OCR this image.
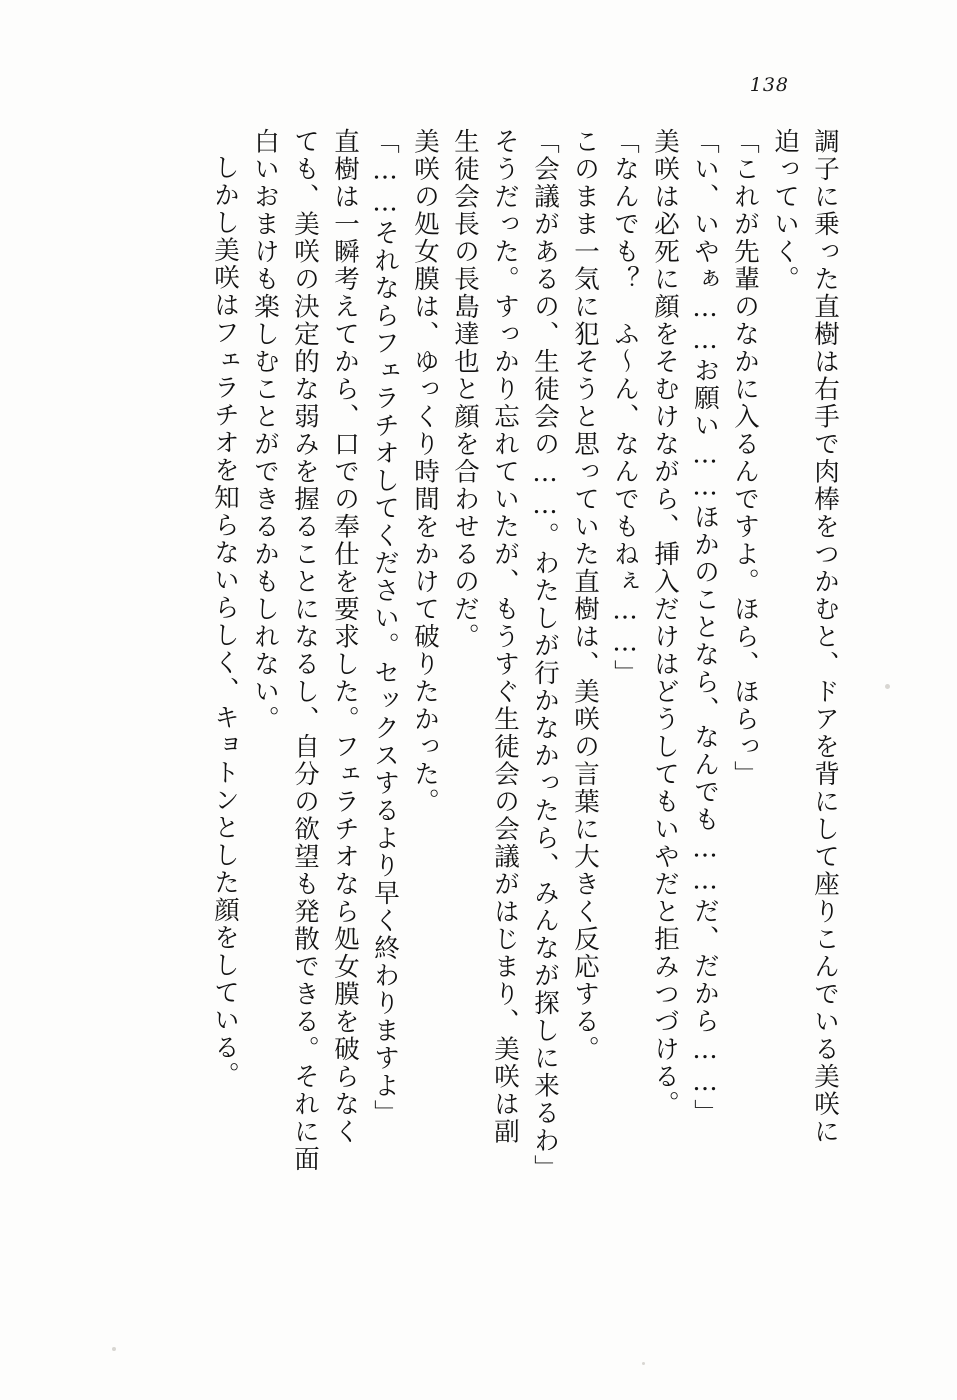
138
調子に乗った直樹は右手で肉棒をつかむと、ドアを背にして座りこんでいる美咲に
迫っていく。
「これが先輩のなかに入るんですよ。ほら、ほらっ」
「い、いやぁ……お願い……ほかのことなら、なんでも……だ、だから……」
美咲は必死に顔をそむけながら、挿入だけはどうしてもいやだと拒みつづける。
「なんでも？　ふ〜ん、なんでもねぇ……」
このまま一気に犯そうと思っていた直樹は、美咲の言葉に大きく反応する。
「会議があるの、生徒会の……。わたしが行かなかったら、みんなが探しに来るわ」
そうだった。すっかり忘れていたが、もうすぐ生徒会の会議がはじまり、美咲は副
生徒会長の長島達也と顔を合わせるのだ。
美咲の処女膜は、ゆっくり時間をかけて破りたかった。
「……それならフェラチオしてください。セックスするより早く終わりますよ」
直樹は一瞬考えてから、口での奉仕を要求した。フェラチオなら処女膜を破らなく
ても、美咲の決定的な弱みを握ることになるし、自分の欲望も発散できる。それに面
白いおまけも楽しむことができるかもしれない。
しかし美咲はフェラチオを知らないらしく、キョトンとした顔をしている。
